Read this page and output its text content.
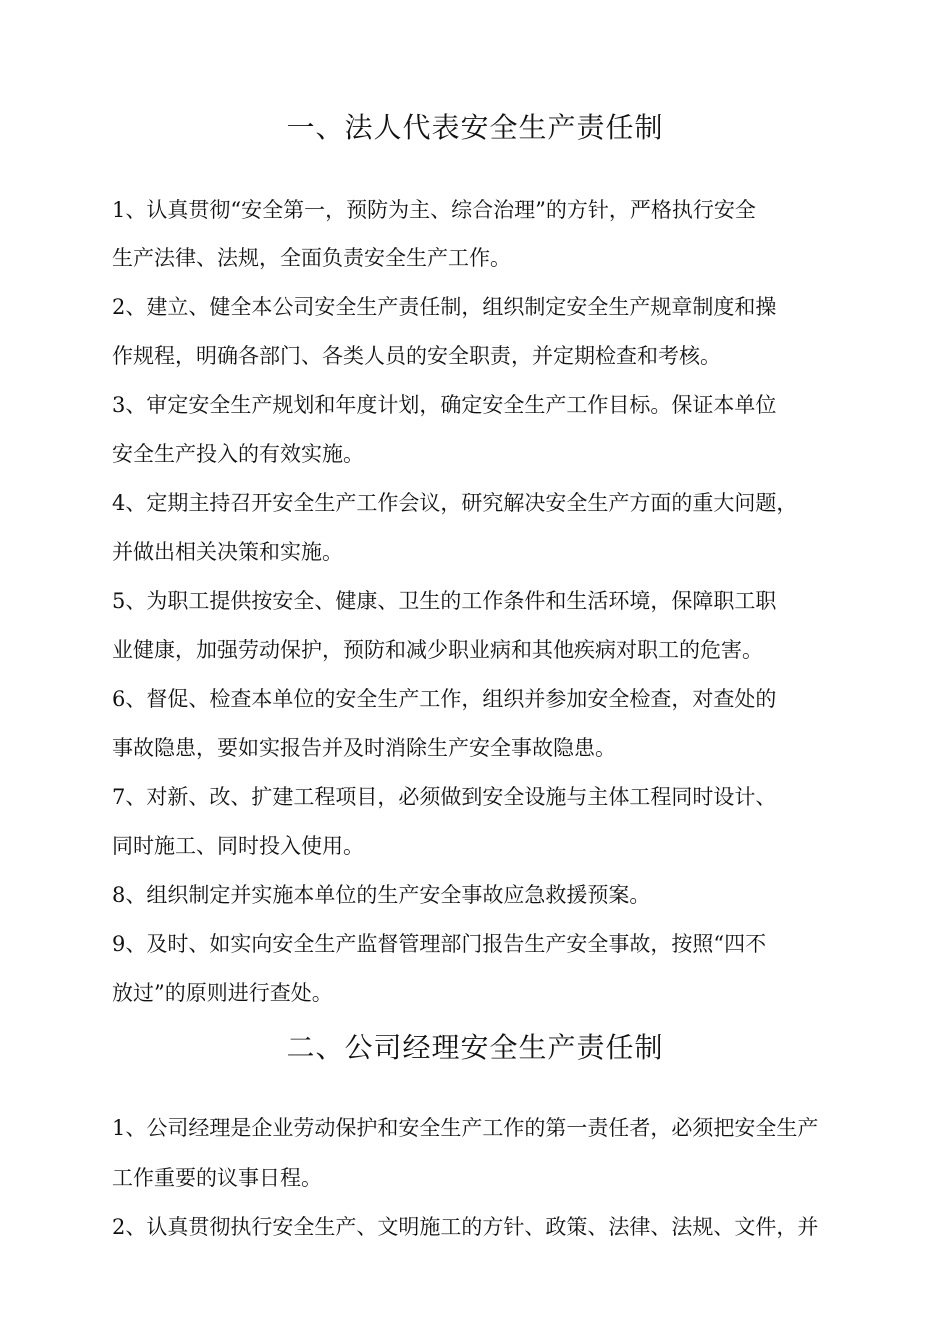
一、法人代表安全生产责任制

1、认真贯彻“安全第一，预防为主、综合治理”的方针，严格执行安全

生产法律、法规，全面负责安全生产工作。

2、建立、健全本公司安全生产责任制，组织制定安全生产规章制度和操

作规程，明确各部门、各类人员的安全职责，并定期检查和考核。

3、审定安全生产规划和年度计划，确定安全生产工作目标。保证本单位

安全生产投入的有效实施。

4、定期主持召开安全生产工作会议，研究解决安全生产方面的重大问题，

并做出相关决策和实施。

5、为职工提供按安全、健康、卫生的工作条件和生活环境，保障职工职

业健康，加强劳动保护，预防和减少职业病和其他疾病对职工的危害。

6、督促、检查本单位的安全生产工作，组织并参加安全检查，对查处的

事故隐患，要如实报告并及时消除生产安全事故隐患。

7、对新、改、扩建工程项目，必须做到安全设施与主体工程同时设计、

同时施工、同时投入使用。

8、组织制定并实施本单位的生产安全事故应急救援预案。

9、及时、如实向安全生产监督管理部门报告生产安全事故，按照“四不

放过”的原则进行查处。

二、公司经理安全生产责任制

1、公司经理是企业劳动保护和安全生产工作的第一责任者，必须把安全生产

工作重要的议事日程。

2、认真贯彻执行安全生产、文明施工的方针、政策、法律、法规、文件，并
